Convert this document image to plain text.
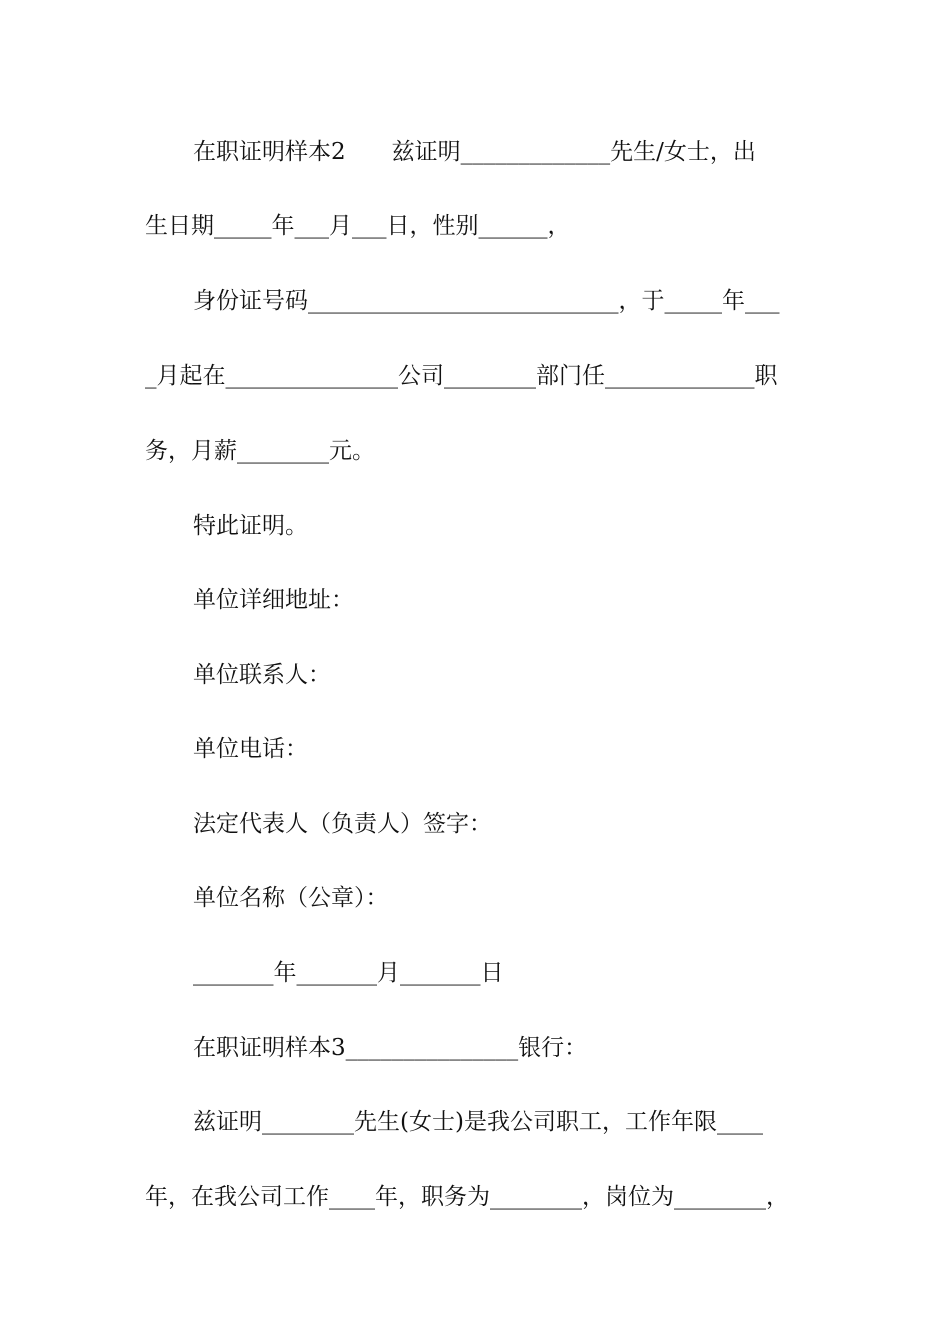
在职证明样本2　　兹证明_____________先生/女士，出
生日期_____年___月___日，性别______，
身份证号码___________________________，于_____年___
_月起在_______________公司________部门任_____________职
务，月薪________元。
特此证明。
单位详细地址：
单位联系人：
单位电话：
法定代表人（负责人）签字：
单位名称（公章）：
_______年_______月_______日
在职证明样本3_______________银行：
兹证明________先生(女士)是我公司职工，工作年限____
年，在我公司工作____年，职务为________，岗位为________，
